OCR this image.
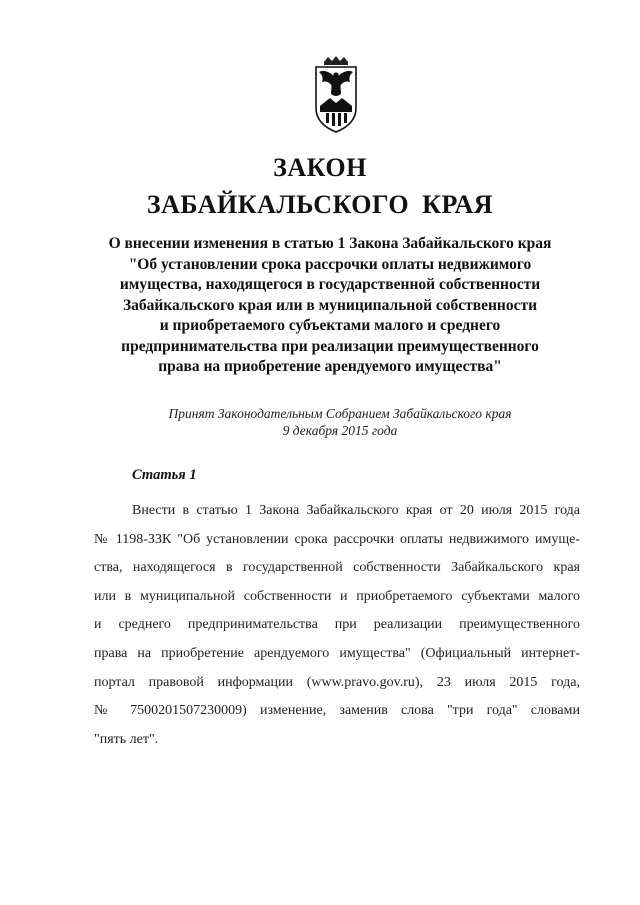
ЗАКОН
ЗАБАЙКАЛЬСКОГО КРАЯ
О внесении изменения в статью 1 Закона Забайкальского края
"Об установлении срока рассрочки оплаты недвижимого
имущества, находящегося в государственной собственности
Забайкальского края или в муниципальной собственности
и приобретаемого субъектами малого и среднего
предпринимательства при реализации преимущественного
права на приобретение арендуемого имущества"
Принят Законодательным Собранием Забайкальского края
9 декабря 2015 года
Статья 1
Внести в статью 1 Закона Забайкальского края от 20 июля 2015 года
№ 1198-ЗЗК "Об установлении срока рассрочки оплаты недвижимого имуще-
ства, находящегося в государственной собственности Забайкальского края
или в муниципальной собственности и приобретаемого субъектами малого
и среднего предпринимательства при реализации преимущественного
права на приобретение арендуемого имущества" (Официальный интернет-
портал правовой информации (www.pravo.gov.ru), 23 июля 2015 года,
№ 7500201507230009) изменение, заменив слова "три года" словами
"пять лет".
